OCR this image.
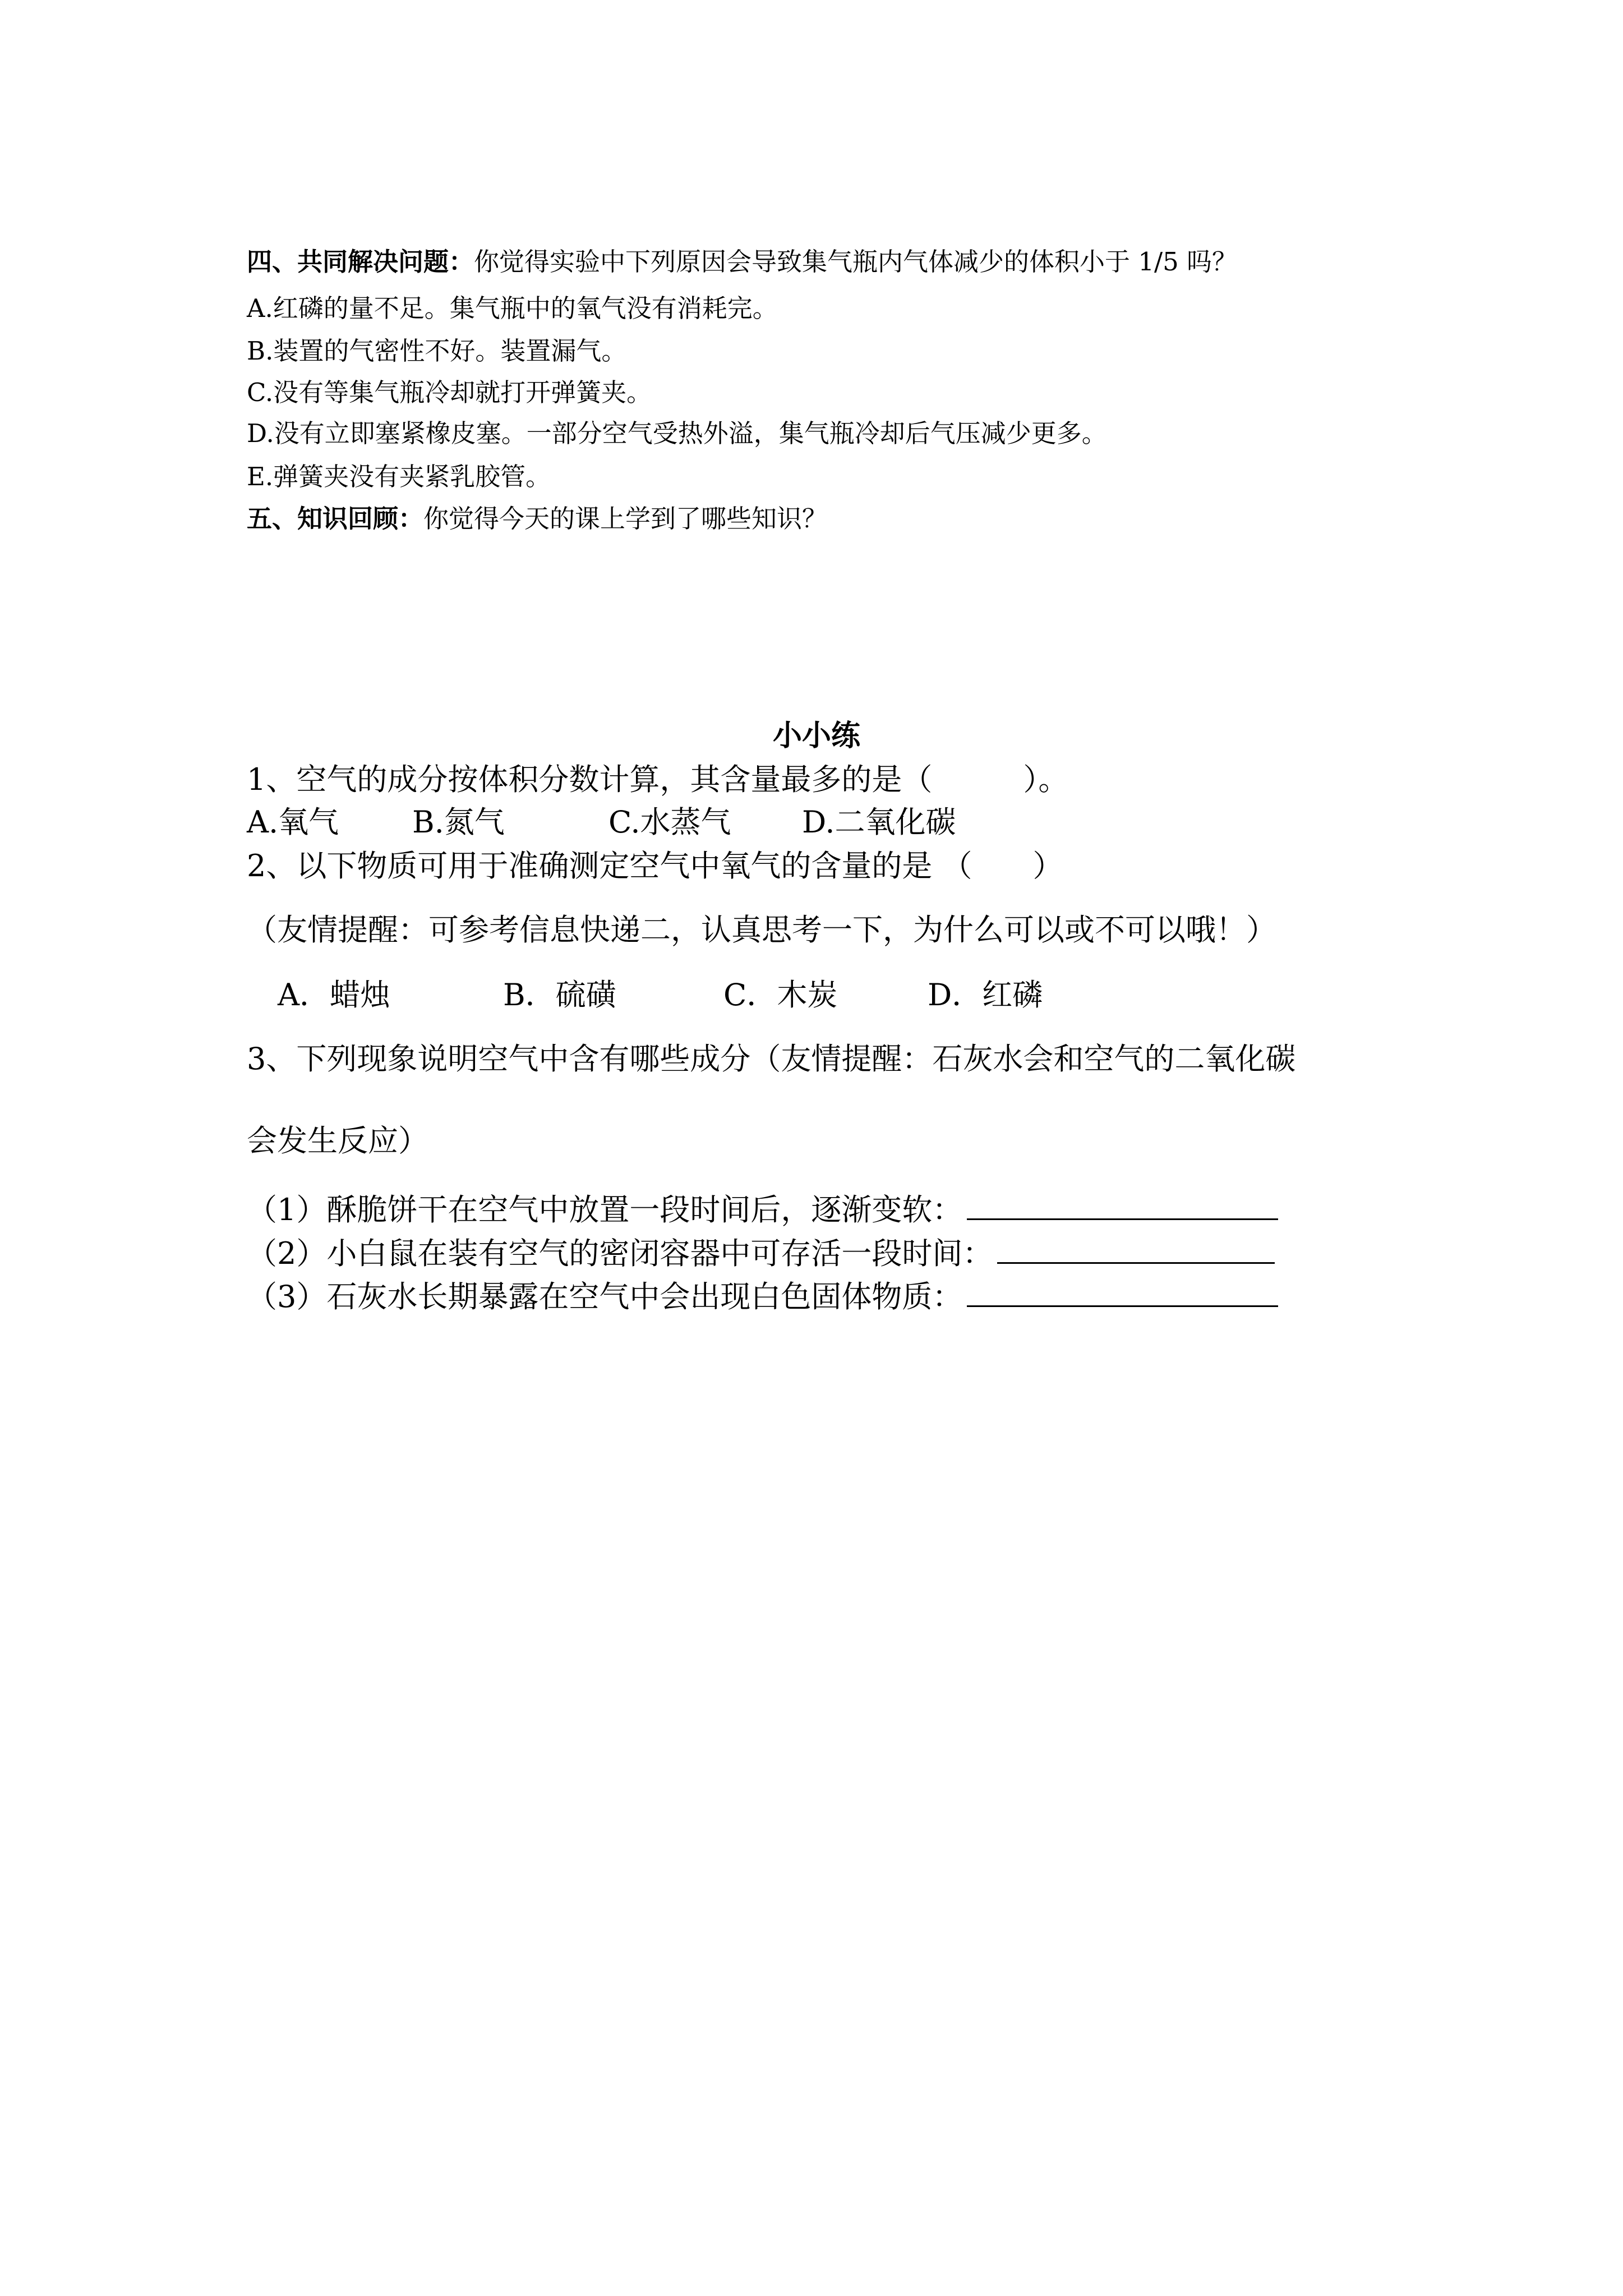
四、共同解决问题：你觉得实验中下列原因会导致集气瓶内气体减少的体积小于 1/5 吗？
A.红磷的量不足。集气瓶中的氧气没有消耗完。
B.装置的气密性不好。装置漏气。
C.没有等集气瓶冷却就打开弹簧夹。
D.没有立即塞紧橡皮塞。一部分空气受热外溢，集气瓶冷却后气压减少更多。
E.弹簧夹没有夹紧乳胶管。
五、知识回顾：你觉得今天的课上学到了哪些知识？
小小练
1、空气的成分按体积分数计算，其含量最多的是（　　　）。
A.氧气 B.氮气	C.水蒸气 D.二氧化碳
2、以下物质可用于准确测定空气中氧气的含量的是 （　　）
（友情提醒：可参考信息快递二，认真思考一下，为什么可以或不可以哦！）
A．蜡烛	B．硫磺	C．木炭	D．红磷
3、下列现象说明空气中含有哪些成分（友情提醒：石灰水会和空气的二氧化碳
会发生反应）
（1）酥脆饼干在空气中放置一段时间后，逐渐变软：
（2）小白鼠在装有空气的密闭容器中可存活一段时间：
（3）石灰水长期暴露在空气中会出现白色固体物质：
